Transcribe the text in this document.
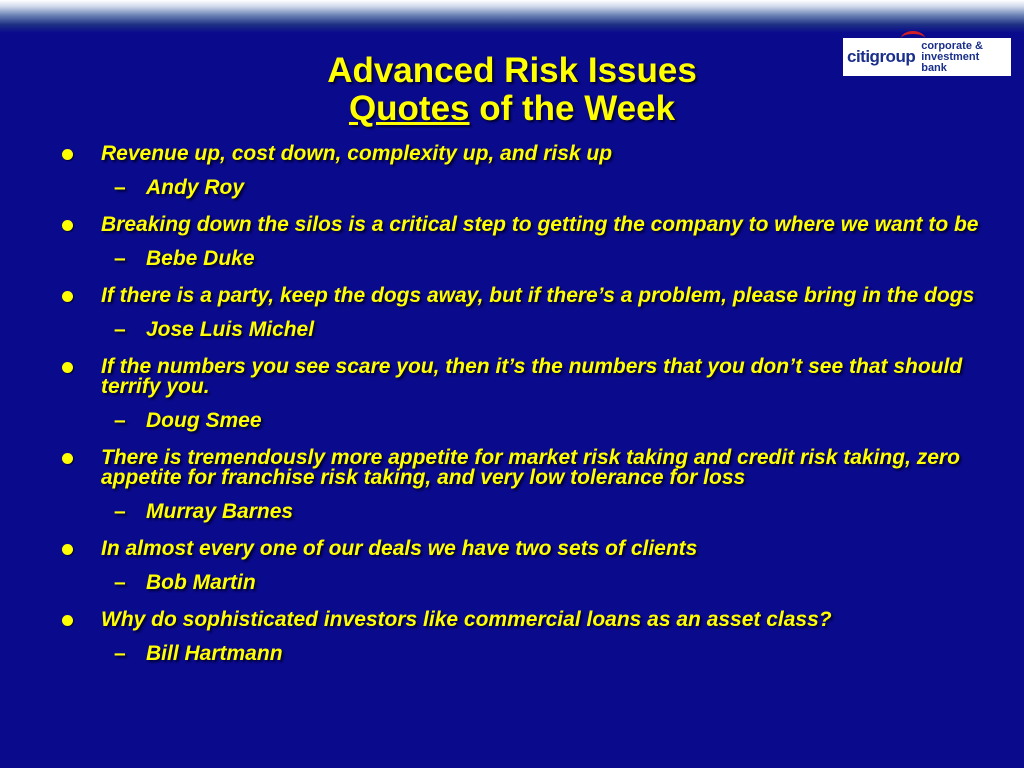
citigroup
corporate &
investment bank
Advanced Risk Issues
Quotes of the Week
Revenue up, cost down, complexity up, and risk up
– Andy Roy
Breaking down the silos is a critical step to getting the company to where we want to be
– Bebe Duke
If there is a party, keep the dogs away, but if there’s a problem, please bring in the dogs
– Jose Luis Michel
If the numbers you see scare you, then it’s the numbers that you don’t see that should terrify you.
– Doug Smee
There is tremendously more appetite for market risk taking and credit risk taking, zero appetite for franchise risk taking, and very low tolerance for loss
– Murray Barnes
In almost every one of our deals we have two sets of clients
– Bob Martin
Why do sophisticated investors like commercial loans as an asset class?
– Bill Hartmann
